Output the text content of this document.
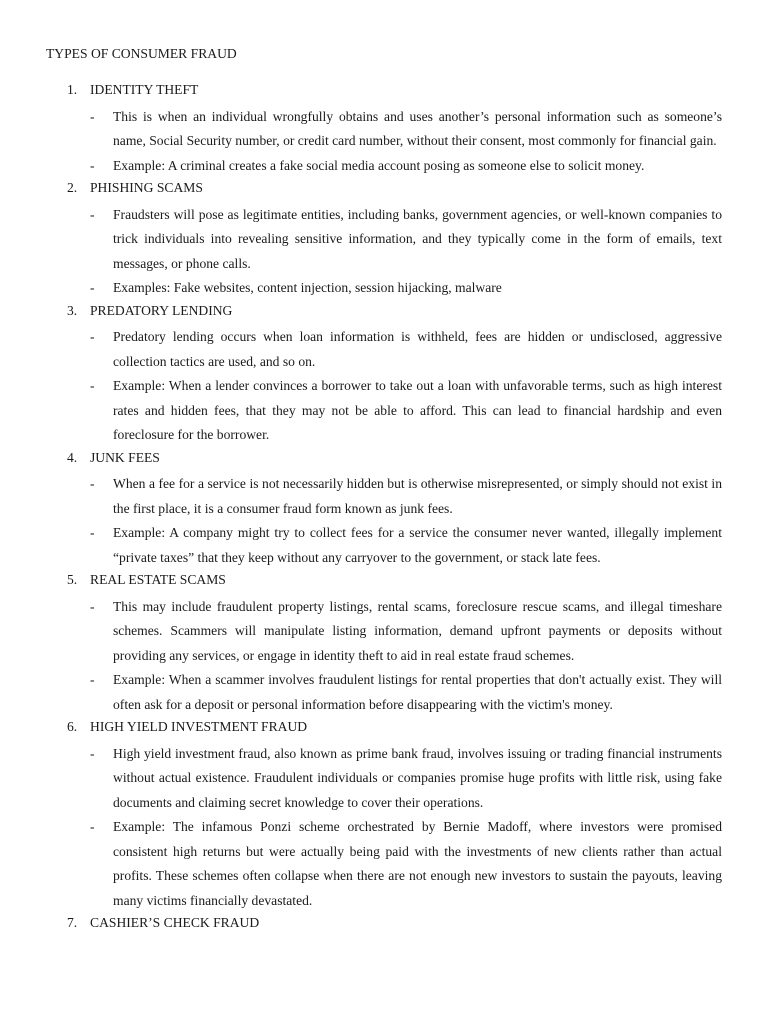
TYPES OF CONSUMER FRAUD
1. IDENTITY THEFT
- This is when an individual wrongfully obtains and uses another’s personal information such as someone’s name, Social Security number, or credit card number, without their consent, most commonly for financial gain.
- Example: A criminal creates a fake social media account posing as someone else to solicit money.
2. PHISHING SCAMS
- Fraudsters will pose as legitimate entities, including banks, government agencies, or well-known companies to trick individuals into revealing sensitive information, and they typically come in the form of emails, text messages, or phone calls.
- Examples: Fake websites, content injection, session hijacking, malware
3. PREDATORY LENDING
- Predatory lending occurs when loan information is withheld, fees are hidden or undisclosed, aggressive collection tactics are used, and so on.
- Example: When a lender convinces a borrower to take out a loan with unfavorable terms, such as high interest rates and hidden fees, that they may not be able to afford. This can lead to financial hardship and even foreclosure for the borrower.
4. JUNK FEES
- When a fee for a service is not necessarily hidden but is otherwise misrepresented, or simply should not exist in the first place, it is a consumer fraud form known as junk fees.
- Example: A company might try to collect fees for a service the consumer never wanted, illegally implement “private taxes” that they keep without any carryover to the government, or stack late fees.
5. REAL ESTATE SCAMS
- This may include fraudulent property listings, rental scams, foreclosure rescue scams, and illegal timeshare schemes. Scammers will manipulate listing information, demand upfront payments or deposits without providing any services, or engage in identity theft to aid in real estate fraud schemes.
- Example: When a scammer involves fraudulent listings for rental properties that don't actually exist. They will often ask for a deposit or personal information before disappearing with the victim's money.
6. HIGH YIELD INVESTMENT FRAUD
- High yield investment fraud, also known as prime bank fraud, involves issuing or trading financial instruments without actual existence. Fraudulent individuals or companies promise huge profits with little risk, using fake documents and claiming secret knowledge to cover their operations.
- Example: The infamous Ponzi scheme orchestrated by Bernie Madoff, where investors were promised consistent high returns but were actually being paid with the investments of new clients rather than actual profits. These schemes often collapse when there are not enough new investors to sustain the payouts, leaving many victims financially devastated.
7. CASHIER’S CHECK FRAUD
